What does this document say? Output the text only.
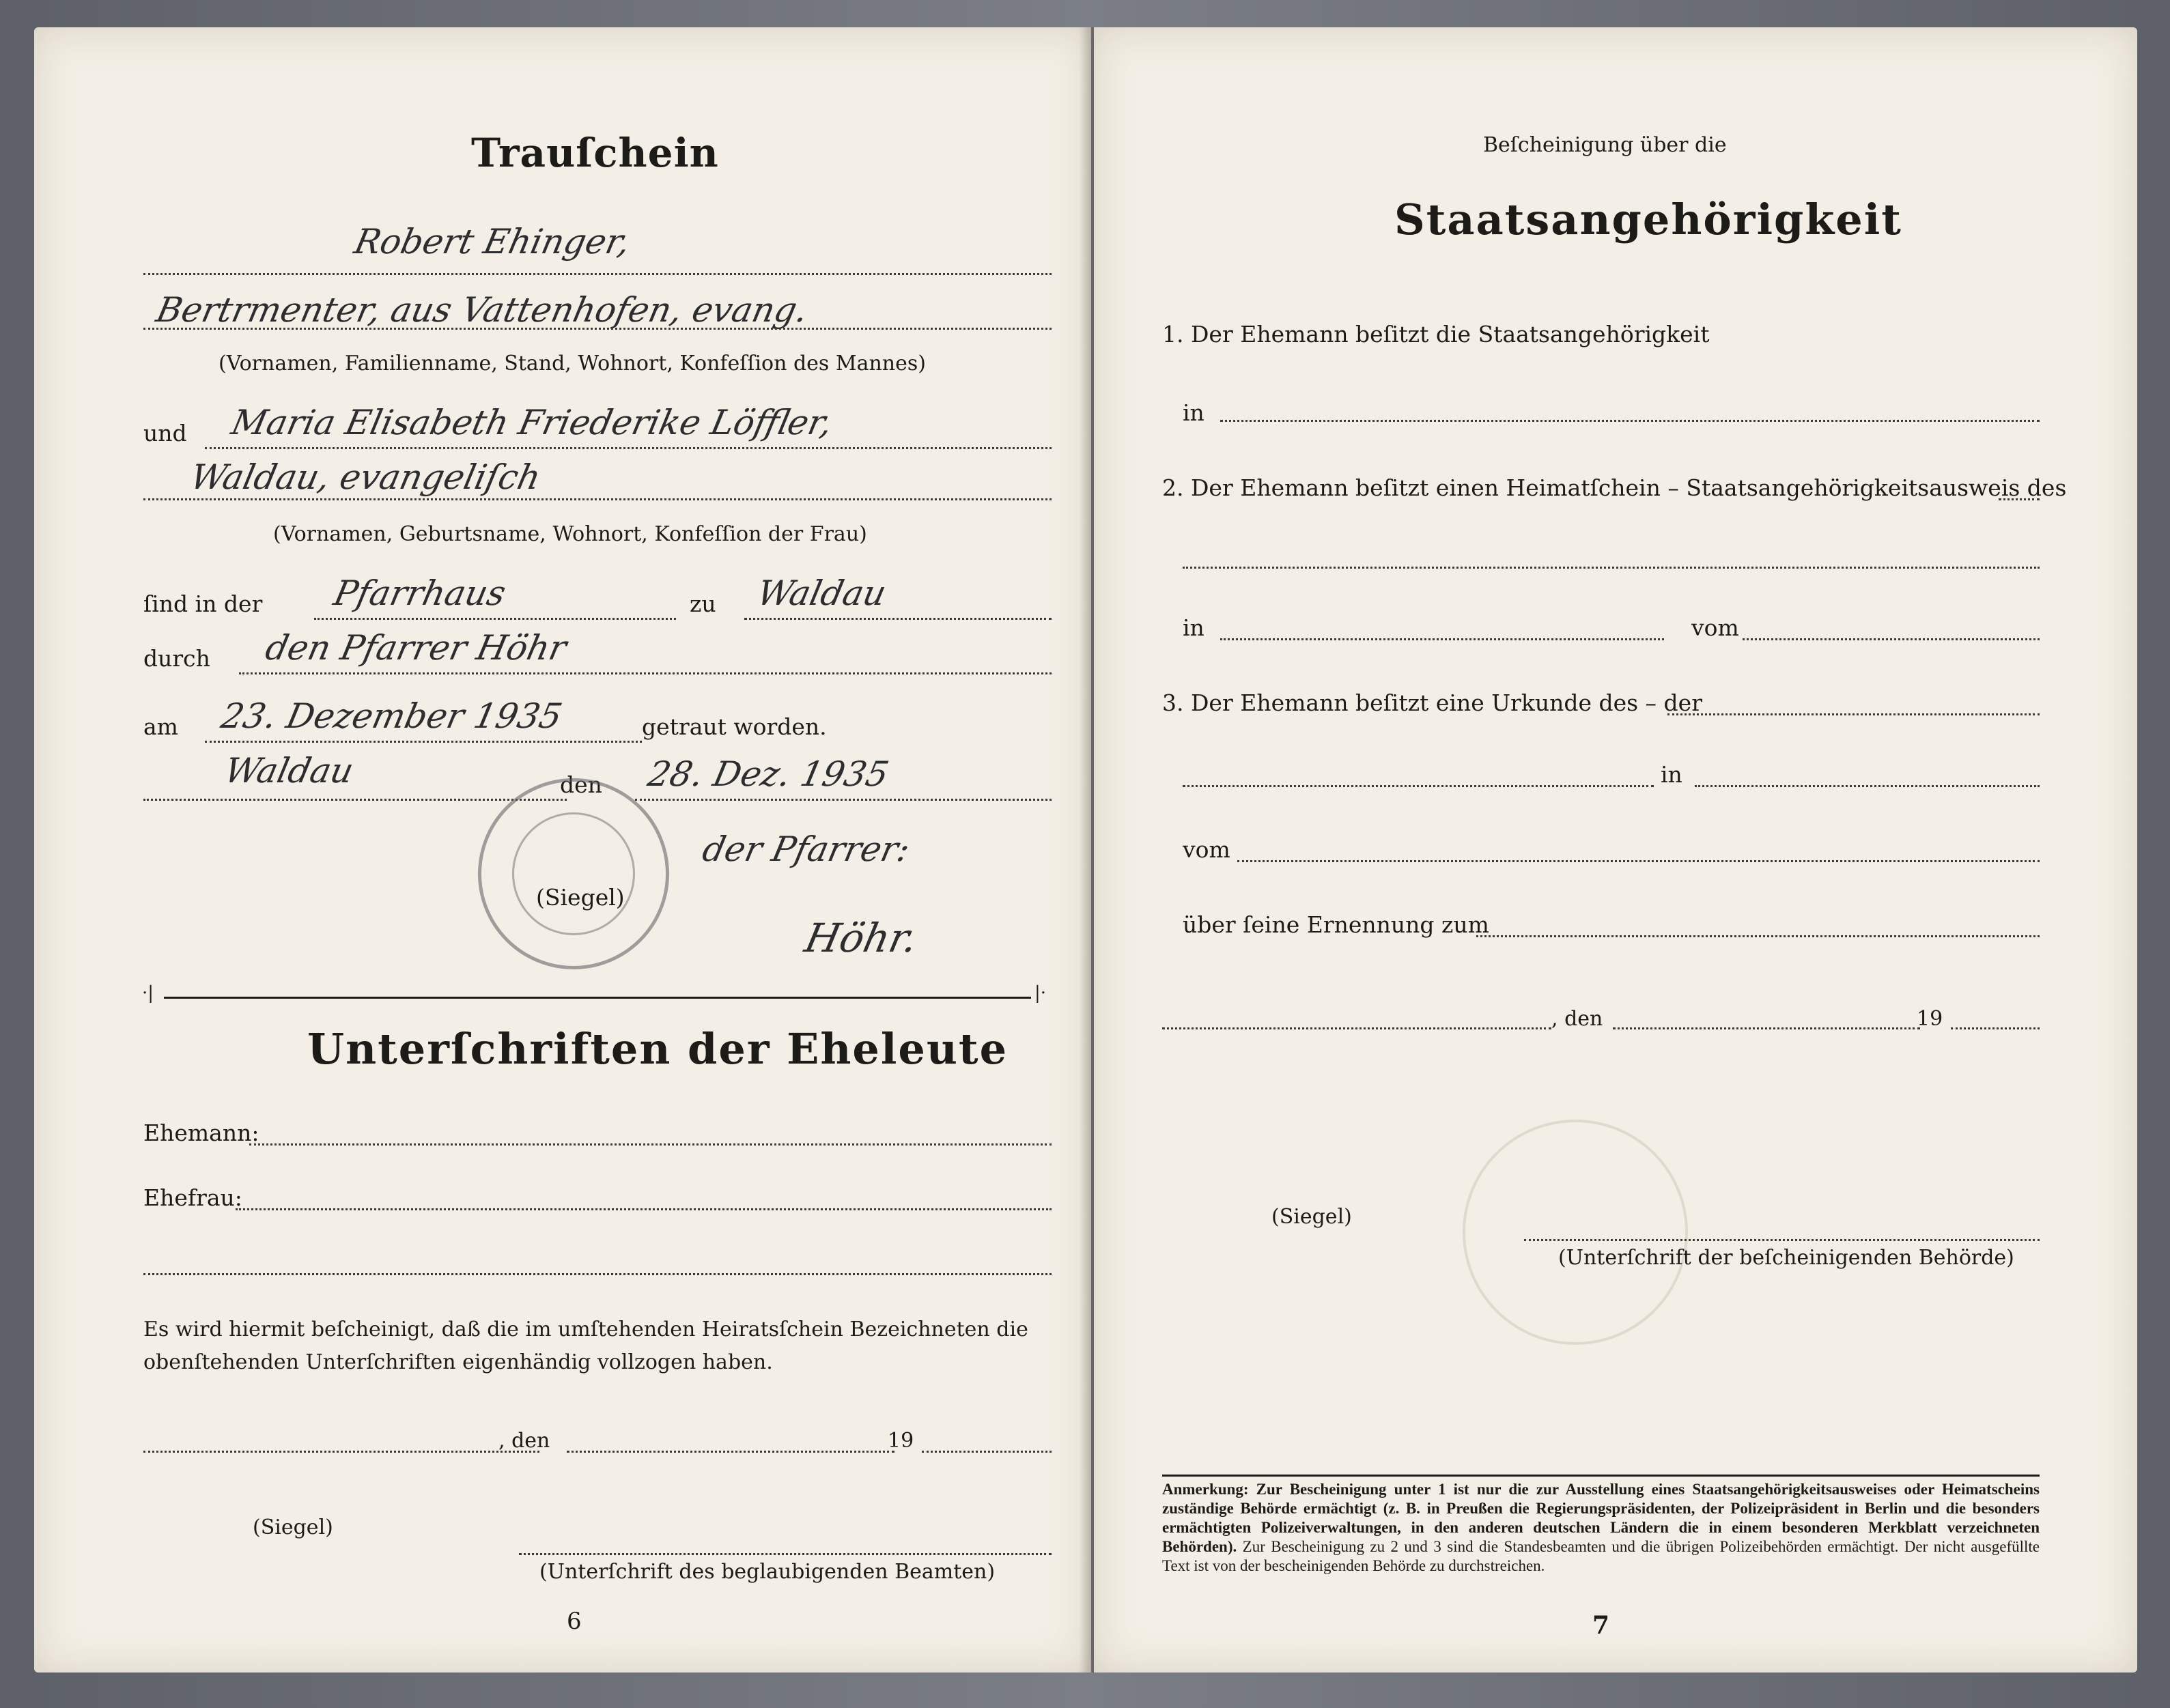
Trauſchein
Robert Ehinger,
Bertrmenter, aus Vattenhofen, evang.
(Vornamen, Familienname, Stand, Wohnort, Konfeſſion des Mannes)
und Maria Elisabeth Friederike Löffler,
Waldau, evangeliſch
(Vornamen, Geburtsname, Wohnort, Konfeſſion der Frau)
ſind in der Pfarrhaus	zu Waldau
durch den Pfarrer Höhr
am 23. Dezember 1935	getraut worden.
Waldau	den 28. Dez. 1935
(Siegel)
der Pfarrer:
Höhr.
·|	|·
Unterſchriften der Eheleute
Ehemann:
Ehefrau:
Es wird hiermit beſcheinigt, daß die im umſtehenden Heiratsſchein Bezeichneten die
obenſtehenden Unterſchriften eigenhändig vollzogen haben.
, den	19
(Siegel)
(Unterſchrift des beglaubigenden Beamten)
6
Beſcheinigung über die
Staatsangehörigkeit
1. Der Ehemann beſitzt die Staatsangehörigkeit
in
2. Der Ehemann beſitzt einen Heimatſchein – Staatsangehörigkeitsausweis des
in	vom
3. Der Ehemann beſitzt eine Urkunde des – der
in
vom
über ſeine Ernennung zum
, den	19
(Siegel)
(Unterſchrift der beſcheinigenden Behörde)
Anmerkung: Zur Bescheinigung unter 1 ist nur die zur Ausstellung eines Staatsangehörigkeitsausweises oder Heimatscheins zuständige Behörde ermächtigt (z. B. in Preußen die Regierungspräsidenten, der Polizeipräsident in Berlin und die besonders ermächtigten Polizeiverwaltungen, in den anderen deutschen Ländern die in einem besonderen Merkblatt verzeichneten Behörden). Zur Bescheinigung zu 2 und 3 sind die Standesbeamten und die übrigen Polizeibehörden ermächtigt. Der nicht ausgefüllte Text ist von der bescheinigenden Behörde zu durchstreichen.
7
